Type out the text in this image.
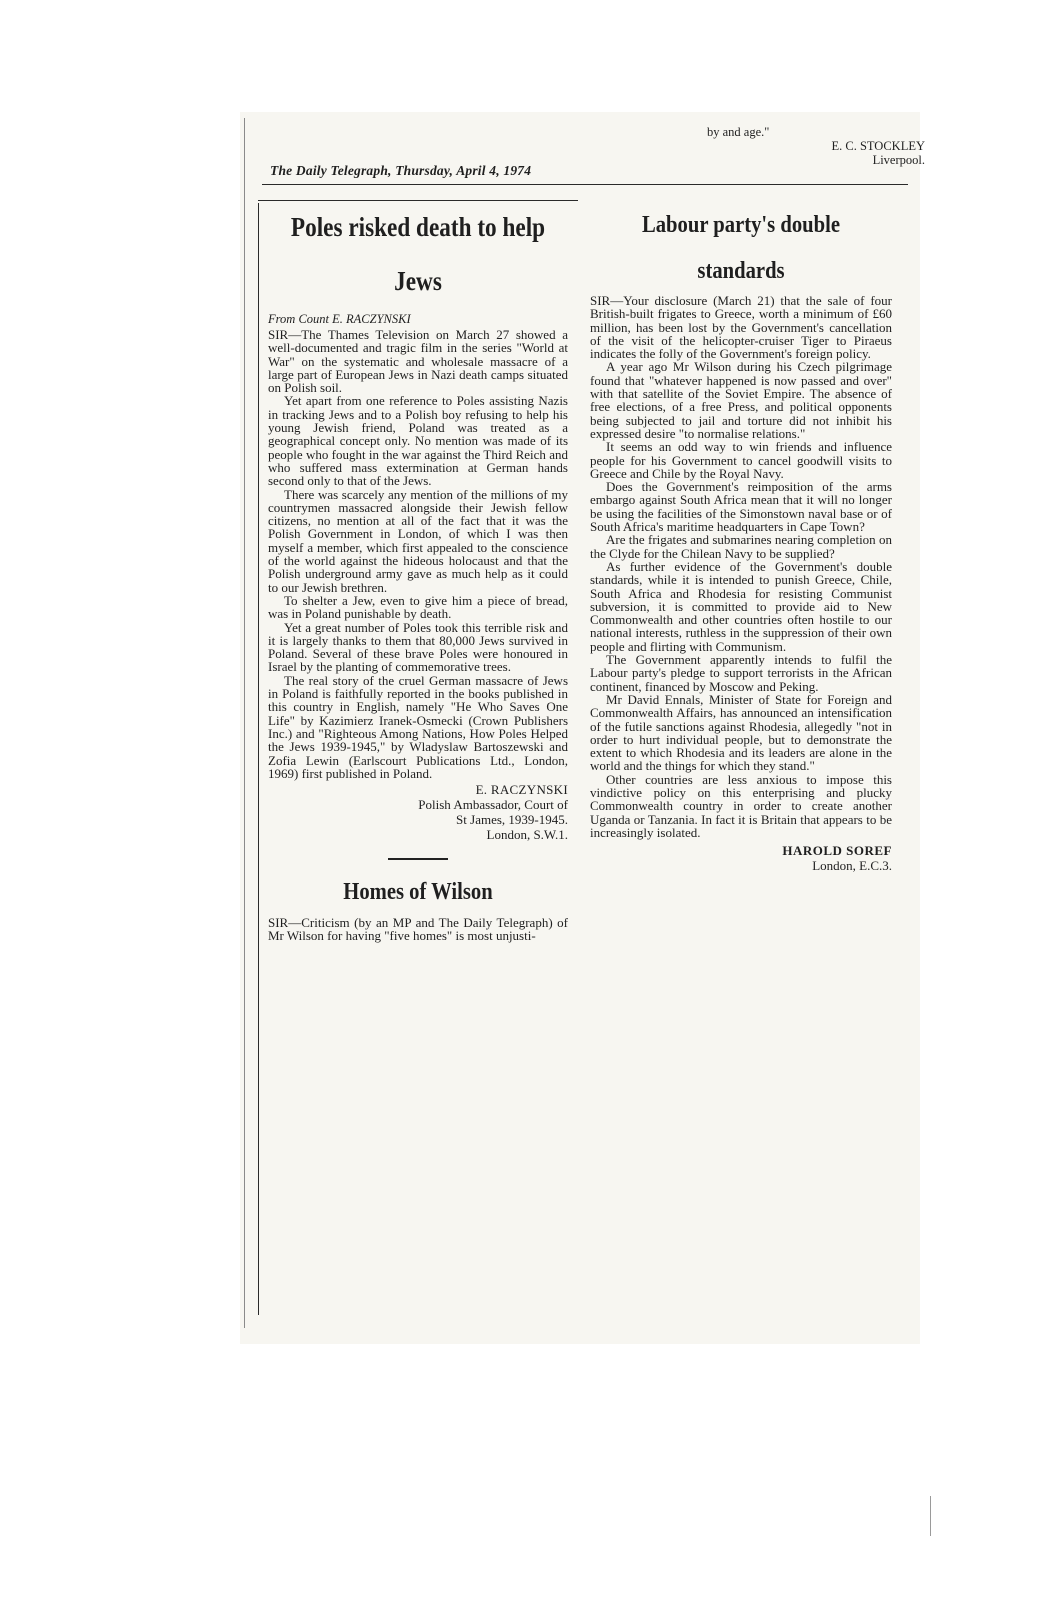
by and age."
E. C. STOCKLEY
Liverpool.
The Daily Telegraph, Thursday, April 4, 1974
Poles risked death to help Jews
From Count E. RACZYNSKI

SIR—The Thames Television on March 27 showed a well-documented and tragic film in the series "World at War" on the systematic and wholesale massacre of a large part of European Jews in Nazi death camps situated on Polish soil.

Yet apart from one reference to Poles assisting Nazis in tracking Jews and to a Polish boy refusing to help his young Jewish friend, Poland was treated as a geographical concept only. No mention was made of its people who fought in the war against the Third Reich and who suffered mass extermination at German hands second only to that of the Jews.

There was scarcely any mention of the millions of my countrymen massacred alongside their Jewish fellow citizens, no mention at all of the fact that it was the Polish Government in London, of which I was then myself a member, which first appealed to the conscience of the world against the hideous holocaust and that the Polish underground army gave as much help as it could to our Jewish brethren.

To shelter a Jew, even to give him a piece of bread, was in Poland punishable by death.

Yet a great number of Poles took this terrible risk and it is largely thanks to them that 80,000 Jews survived in Poland. Several of these brave Poles were honoured in Israel by the planting of commemorative trees.

The real story of the cruel German massacre of Jews in Poland is faithfully reported in the books published in this country in English, namely "He Who Saves One Life" by Kazimierz Iranek-Osmecki (Crown Publishers Inc.) and "Righteous Among Nations, How Poles Helped the Jews 1939-1945," by Wladyslaw Bartoszewski and Zofia Lewin (Earlscourt Publications Ltd., London, 1969) first published in Poland.

E. RACZYNSKI
Polish Ambassador, Court of
St James, 1939-1945.
London, S.W.1.
Homes of Wilson

SIR—Criticism (by an MP and The Daily Telegraph) of Mr Wilson for having "five homes" is most unjusti-

Labour party's double standards

SIR—Your disclosure (March 21) that the sale of four British-built frigates to Greece, worth a minimum of £60 million, has been lost by the Government's cancellation of the visit of the helicopter-cruiser Tiger to Piraeus indicates the folly of the Government's foreign policy.

A year ago Mr Wilson during his Czech pilgrimage found that "whatever happened is now passed and over" with that satellite of the Soviet Empire. The absence of free elections, of a free Press, and political opponents being subjected to jail and torture did not inhibit his expressed desire "to normalise relations."

It seems an odd way to win friends and influence people for his Government to cancel goodwill visits to Greece and Chile by the Royal Navy.

Does the Government's reimposition of the arms embargo against South Africa mean that it will no longer be using the facilities of the Simonstown naval base or of South Africa's maritime headquarters in Cape Town?

Are the frigates and submarines nearing completion on the Clyde for the Chilean Navy to be supplied?

As further evidence of the Government's double standards, while it is intended to punish Greece, Chile, South Africa and Rhodesia for resisting Communist subversion, it is committed to provide aid to New Commonwealth and other countries often hostile to our national interests, ruthless in the suppression of their own people and flirting with Communism.

The Government apparently intends to fulfil the Labour party's pledge to support terrorists in the African continent, financed by Moscow and Peking.

Mr David Ennals, Minister of State for Foreign and Commonwealth Affairs, has announced an intensification of the futile sanctions against Rhodesia, allegedly "not in order to hurt individual people, but to demonstrate the extent to which Rhodesia and its leaders are alone in the world and the things for which they stand."

Other countries are less anxious to impose this vindictive policy on this enterprising and plucky Commonwealth country in order to create another Uganda or Tanzania. In fact it is Britain that appears to be increasingly isolated.

HAROLD SOREF
London, E.C.3.
